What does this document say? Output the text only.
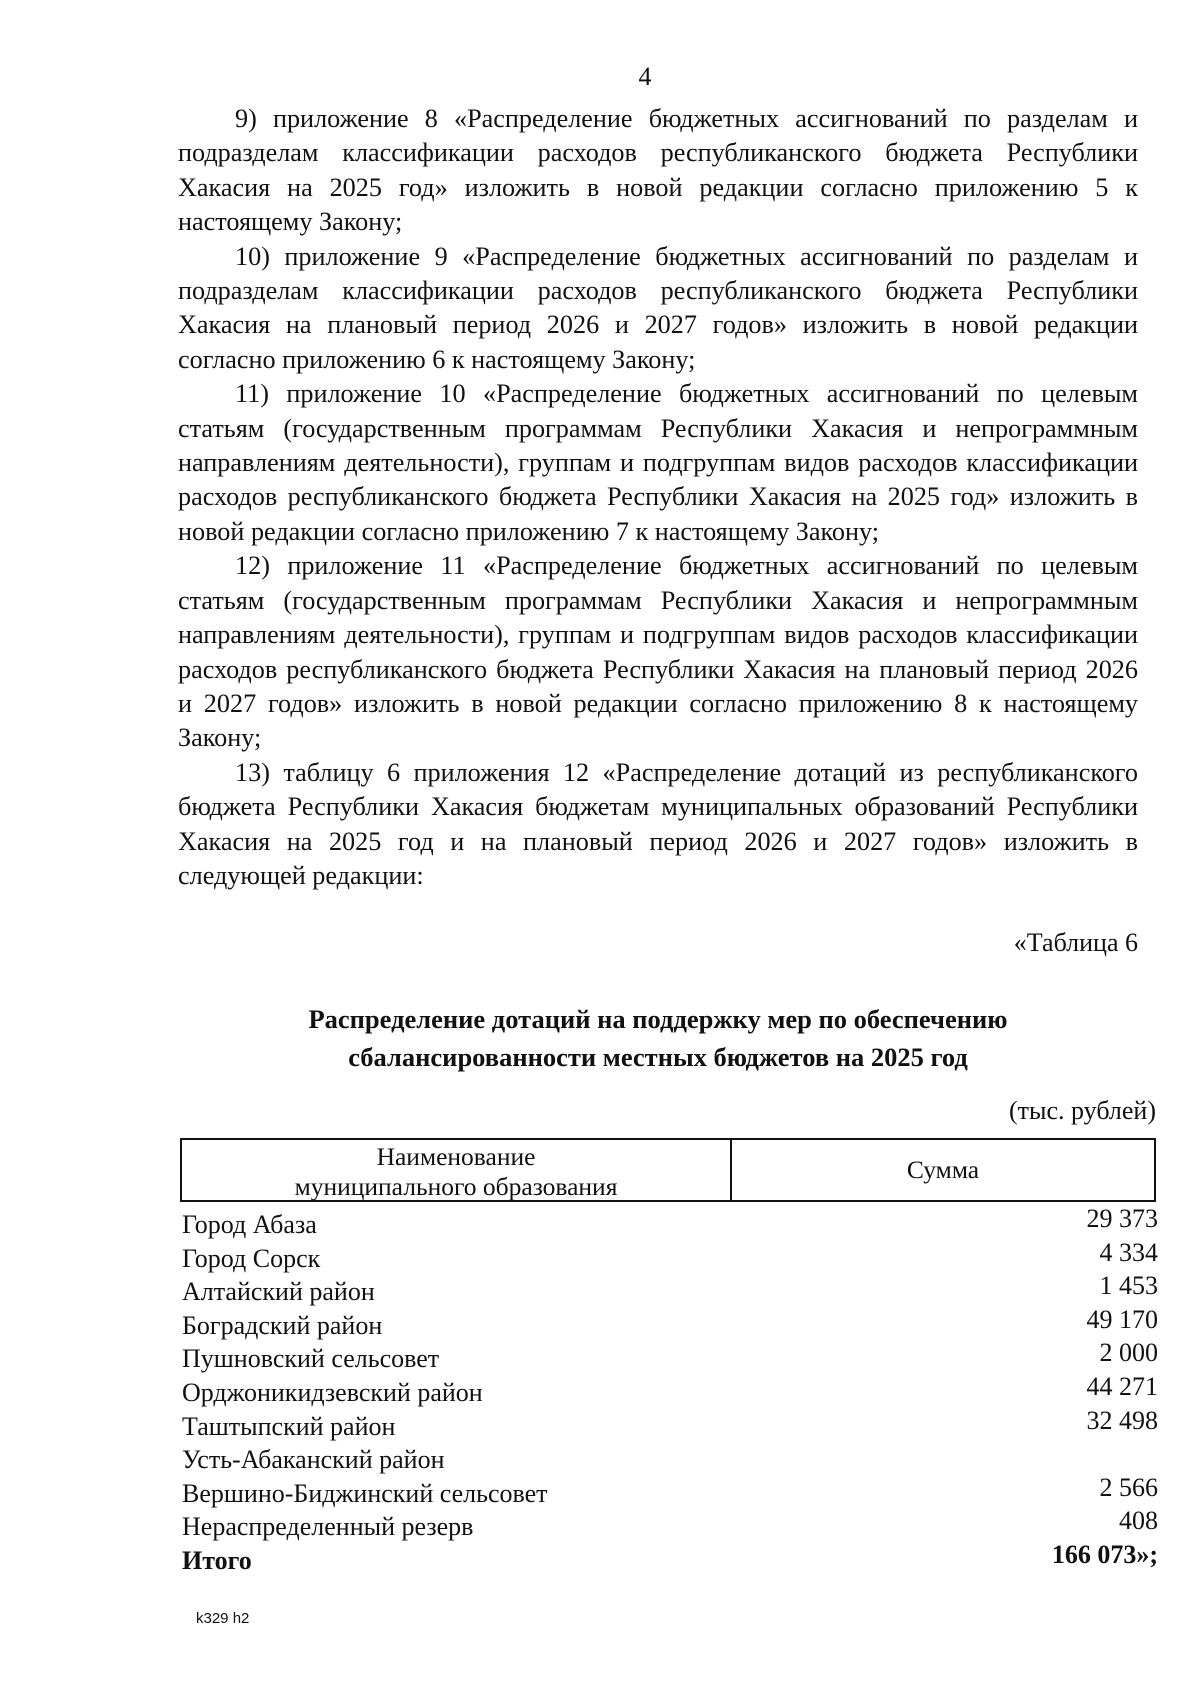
4

9) приложение 8 «Распределение бюджетных ассигнований по разделам и подразделам классификации расходов республиканского бюджета Республики Хакасия на 2025 год» изложить в новой редакции согласно приложению 5 к настоящему Закону;

10) приложение 9 «Распределение бюджетных ассигнований по разделам и подразделам классификации расходов республиканского бюджета Республики Хакасия на плановый период 2026 и 2027 годов» изложить в новой редакции согласно приложению 6 к настоящему Закону;

11) приложение 10 «Распределение бюджетных ассигнований по целевым статьям (государственным программам Республики Хакасия и непрограммным направлениям деятельности), группам и подгруппам видов расходов классификации расходов республиканского бюджета Республики Хакасия на 2025 год» изложить в новой редакции согласно приложению 7 к настоящему Закону;

12) приложение 11 «Распределение бюджетных ассигнований по целевым статьям (государственным программам Республики Хакасия и непрограммным направлениям деятельности), группам и подгруппам видов расходов классификации расходов республиканского бюджета Республики Хакасия на плановый период 2026 и 2027 годов» изложить в новой редакции согласно приложению 8 к настоящему Закону;

13) таблицу 6 приложения 12 «Распределение дотаций из республиканского бюджета Республики Хакасия бюджетам муниципальных образований Республики Хакасия на 2025 год и на плановый период 2026 и 2027 годов» изложить в следующей редакции:

«Таблица 6
Распределение дотаций на поддержку мер по обеспечению
сбалансированности местных бюджетов на 2025 год
(тыс. рублей)
Наименование
муниципального образования
Сумма
Город Абаза	29 373
Город Сорск	4 334
Алтайский район	1 453
Боградский район	49 170
Пушновский сельсовет	2 000
Орджоникидзевский район	44 271
Таштыпский район	32 498
Усть-Абаканский район
Вершино-Биджинский сельсовет	2 566
Нераспределенный резерв	408
Итого	166 073»;
k329 h2
